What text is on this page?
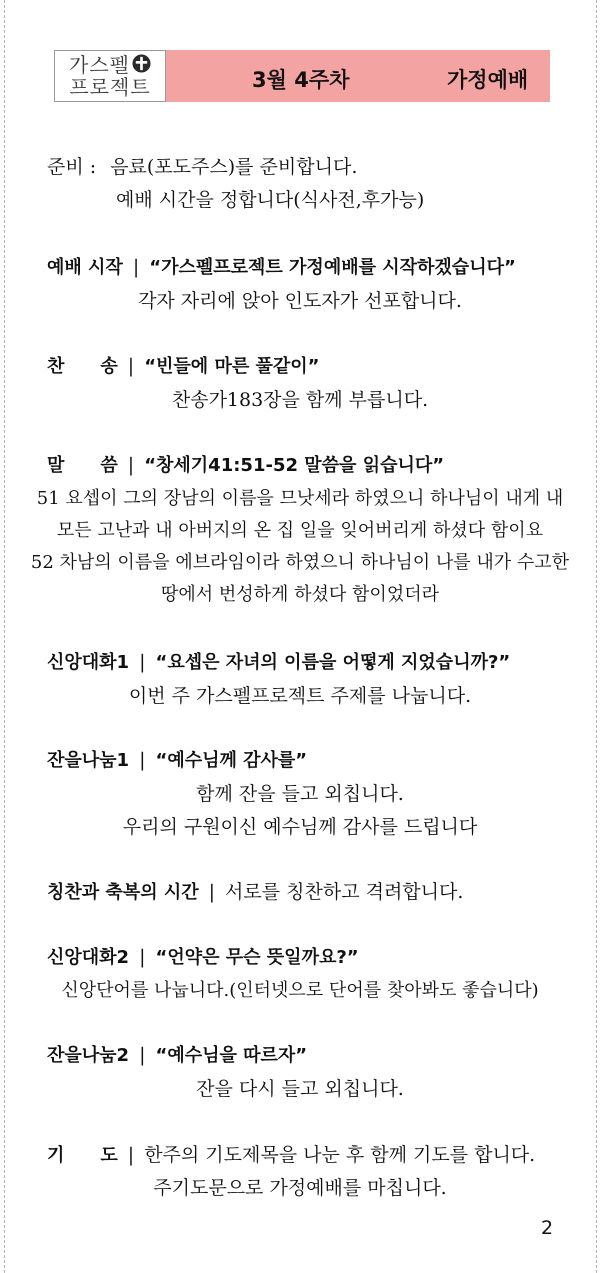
가스펠
프로젝트	3월 4주차	가정예배
준비 : 음료(포도주스)를 준비합니다.
예배 시간을 정합니다(식사전,후가능)
예배 시작 | “가스펠프로젝트 가정예배를 시작하겠습니다”
각자 자리에 앉아 인도자가 선포합니다.
찬　　송 | “빈들에 마른 풀같이”
찬송가183장을 함께 부릅니다.
말　　씀 | “창세기41:51-52 말씀을 읽습니다”
51 요셉이 그의 장남의 이름을 므낫세라 하였으니 하나님이 내게 내
모든 고난과 내 아버지의 온 집 일을 잊어버리게 하셨다 함이요
52 차남의 이름을 에브라임이라 하였으니 하나님이 나를 내가 수고한
땅에서 번성하게 하셨다 함이었더라
신앙대화1 | “요셉은 자녀의 이름을 어떻게 지었습니까?”
이번 주 가스펠프로젝트 주제를 나눕니다.
잔을나눔1 | “예수님께 감사를”
함께 잔을 들고 외칩니다.
우리의 구원이신 예수님께 감사를 드립니다
칭찬과 축복의 시간 | 서로를 칭찬하고 격려합니다.
신앙대화2 | “언약은 무슨 뜻일까요?”
신앙단어를 나눕니다.(인터넷으로 단어를 찾아봐도 좋습니다)
잔을나눔2 | “예수님을 따르자”
잔을 다시 들고 외칩니다.
기　　도 | 한주의 기도제목을 나눈 후 함께 기도를 합니다.
주기도문으로 가정예배를 마칩니다.
2
